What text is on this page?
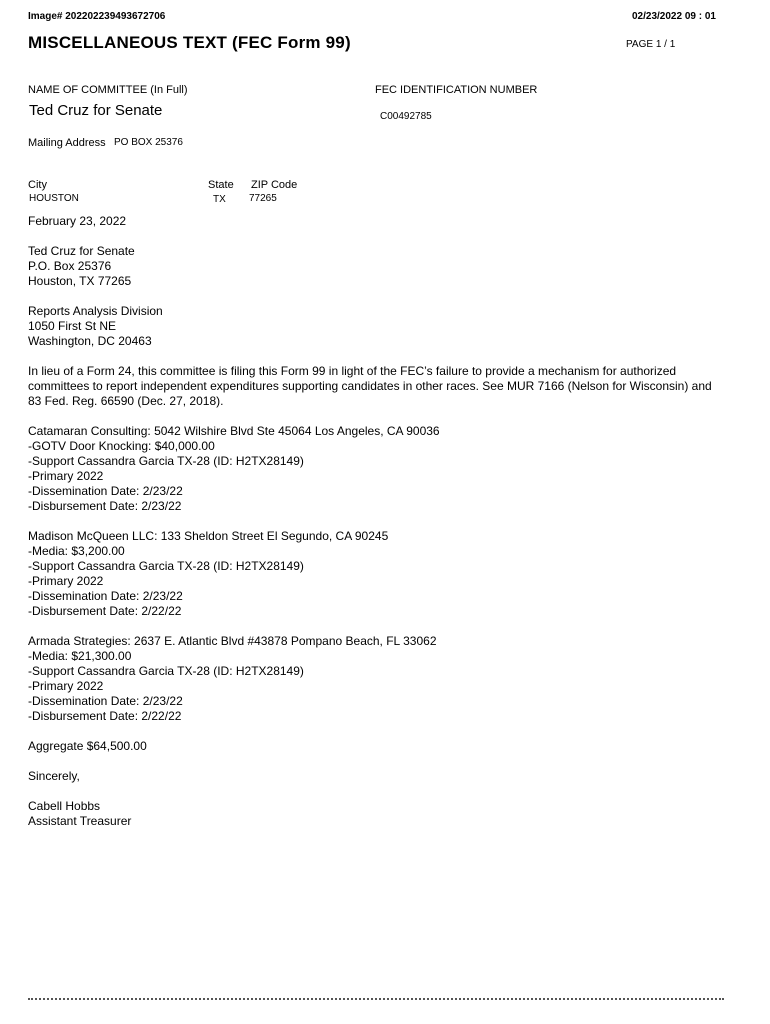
Image# 202202239493672706	02/23/2022 09 : 01
MISCELLANEOUS TEXT (FEC Form 99)	PAGE 1 / 1
NAME OF COMMITTEE (In Full)
Ted Cruz for Senate
FEC IDENTIFICATION NUMBER
C00492785
Mailing Address PO BOX 25376
City
HOUSTON
State
TX
ZIP Code
77265

February 23, 2022

Ted Cruz for Senate
P.O. Box 25376
Houston, TX 77265

Reports Analysis Division
1050 First St NE
Washington, DC 20463

In lieu of a Form 24, this committee is filing this Form 99 in light of the FEC’s failure to provide a mechanism for authorized committees to report independent expenditures supporting candidates in other races. See MUR 7166 (Nelson for Wisconsin) and 83 Fed. Reg. 66590 (Dec. 27, 2018).

Catamaran Consulting: 5042 Wilshire Blvd Ste 45064 Los Angeles, CA 90036
-GOTV Door Knocking: $40,000.00
-Support Cassandra Garcia TX-28 (ID: H2TX28149)
-Primary 2022
-Dissemination Date: 2/23/22
-Disbursement Date: 2/23/22

Madison McQueen LLC: 133 Sheldon Street El Segundo, CA 90245
-Media: $3,200.00
-Support Cassandra Garcia TX-28 (ID: H2TX28149)
-Primary 2022
-Dissemination Date: 2/23/22
-Disbursement Date: 2/22/22

Armada Strategies: 2637 E. Atlantic Blvd #43878 Pompano Beach, FL 33062
-Media: $21,300.00
-Support Cassandra Garcia TX-28 (ID: H2TX28149)
-Primary 2022
-Dissemination Date: 2/23/22
-Disbursement Date: 2/22/22

Aggregate $64,500.00

Sincerely,

Cabell Hobbs
Assistant Treasurer
